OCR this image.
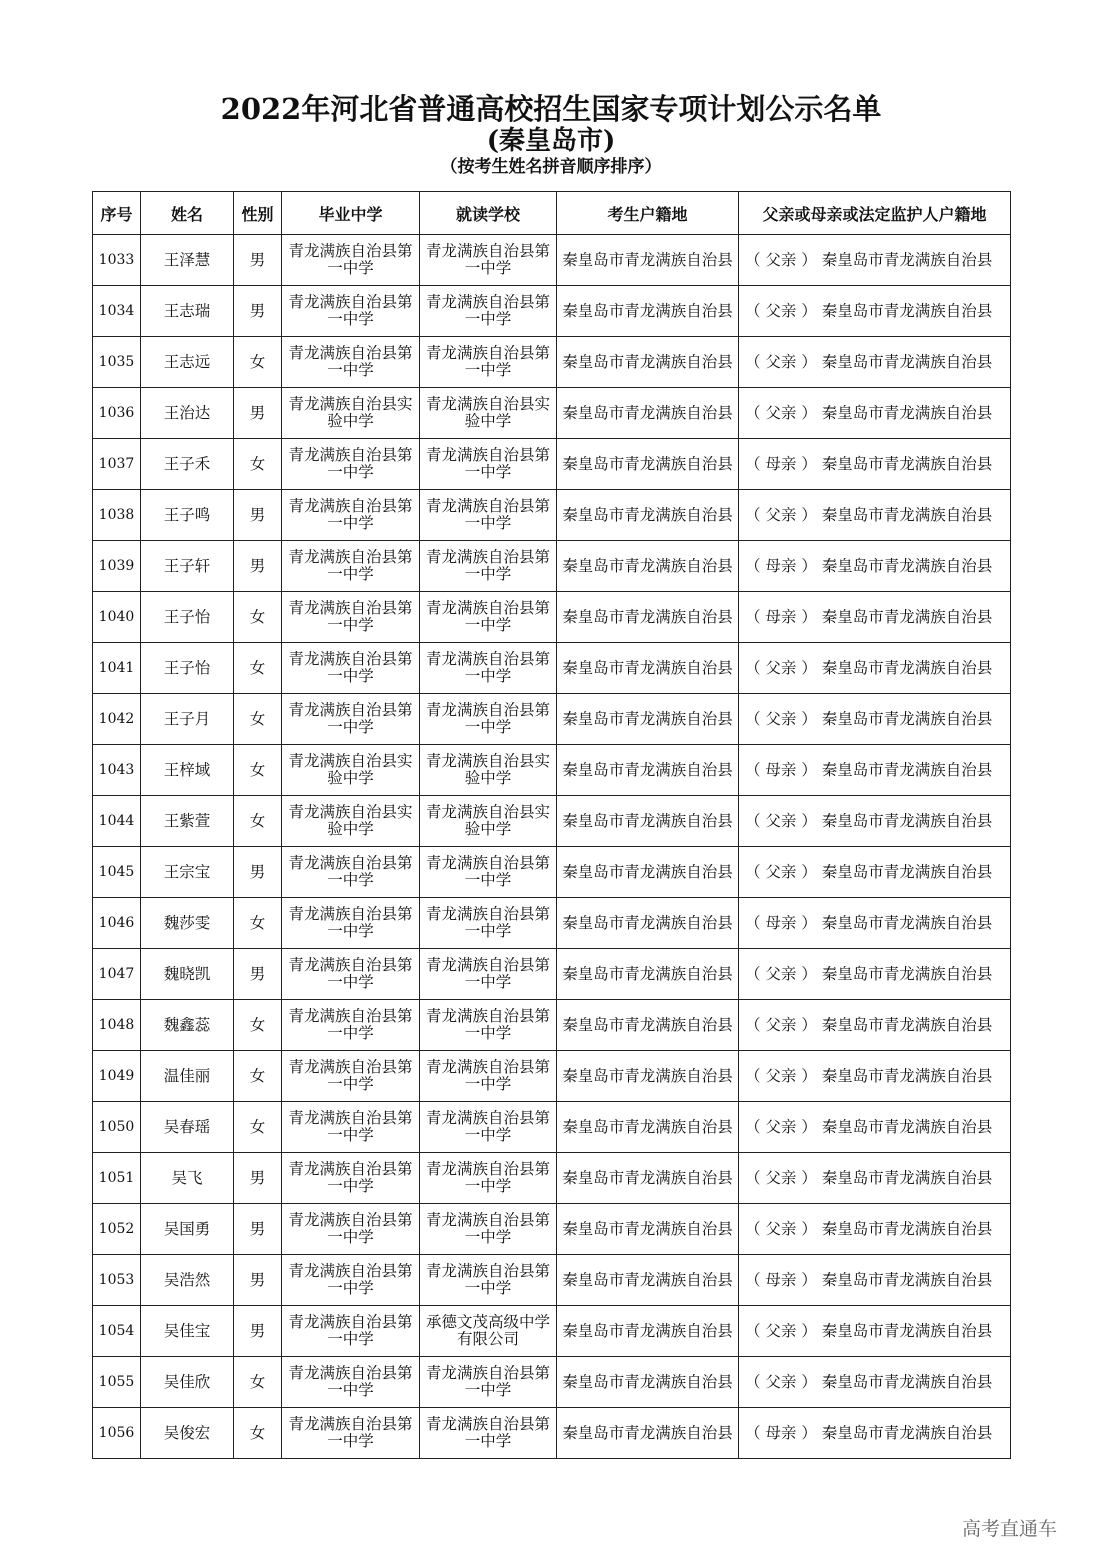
2022年河北省普通高校招生国家专项计划公示名单
(秦皇岛市)
（按考生姓名拼音顺序排序）
序号	姓名	性别	毕业中学	就读学校	考生户籍地	父亲或母亲或法定监护人户籍地
1033	王泽慧	男	青龙满族自治县第一中学	青龙满族自治县第一中学	秦皇岛市青龙满族自治县	（ 父亲 ） 秦皇岛市青龙满族自治县
1034	王志瑞	男	青龙满族自治县第一中学	青龙满族自治县第一中学	秦皇岛市青龙满族自治县	（ 父亲 ） 秦皇岛市青龙满族自治县
1035	王志远	女	青龙满族自治县第一中学	青龙满族自治县第一中学	秦皇岛市青龙满族自治县	（ 父亲 ） 秦皇岛市青龙满族自治县
1036	王治达	男	青龙满族自治县实验中学	青龙满族自治县实验中学	秦皇岛市青龙满族自治县	（ 父亲 ） 秦皇岛市青龙满族自治县
1037	王子禾	女	青龙满族自治县第一中学	青龙满族自治县第一中学	秦皇岛市青龙满族自治县	（ 母亲 ） 秦皇岛市青龙满族自治县
1038	王子鸣	男	青龙满族自治县第一中学	青龙满族自治县第一中学	秦皇岛市青龙满族自治县	（ 父亲 ） 秦皇岛市青龙满族自治县
1039	王子轩	男	青龙满族自治县第一中学	青龙满族自治县第一中学	秦皇岛市青龙满族自治县	（ 母亲 ） 秦皇岛市青龙满族自治县
1040	王子怡	女	青龙满族自治县第一中学	青龙满族自治县第一中学	秦皇岛市青龙满族自治县	（ 母亲 ） 秦皇岛市青龙满族自治县
1041	王子怡	女	青龙满族自治县第一中学	青龙满族自治县第一中学	秦皇岛市青龙满族自治县	（ 父亲 ） 秦皇岛市青龙满族自治县
1042	王子月	女	青龙满族自治县第一中学	青龙满族自治县第一中学	秦皇岛市青龙满族自治县	（ 父亲 ） 秦皇岛市青龙满族自治县
1043	王梓域	女	青龙满族自治县实验中学	青龙满族自治县实验中学	秦皇岛市青龙满族自治县	（ 母亲 ） 秦皇岛市青龙满族自治县
1044	王紫萱	女	青龙满族自治县实验中学	青龙满族自治县实验中学	秦皇岛市青龙满族自治县	（ 父亲 ） 秦皇岛市青龙满族自治县
1045	王宗宝	男	青龙满族自治县第一中学	青龙满族自治县第一中学	秦皇岛市青龙满族自治县	（ 父亲 ） 秦皇岛市青龙满族自治县
1046	魏莎雯	女	青龙满族自治县第一中学	青龙满族自治县第一中学	秦皇岛市青龙满族自治县	（ 母亲 ） 秦皇岛市青龙满族自治县
1047	魏晓凯	男	青龙满族自治县第一中学	青龙满族自治县第一中学	秦皇岛市青龙满族自治县	（ 父亲 ） 秦皇岛市青龙满族自治县
1048	魏鑫蕊	女	青龙满族自治县第一中学	青龙满族自治县第一中学	秦皇岛市青龙满族自治县	（ 父亲 ） 秦皇岛市青龙满族自治县
1049	温佳丽	女	青龙满族自治县第一中学	青龙满族自治县第一中学	秦皇岛市青龙满族自治县	（ 父亲 ） 秦皇岛市青龙满族自治县
1050	吴春瑶	女	青龙满族自治县第一中学	青龙满族自治县第一中学	秦皇岛市青龙满族自治县	（ 父亲 ） 秦皇岛市青龙满族自治县
1051	吴飞	男	青龙满族自治县第一中学	青龙满族自治县第一中学	秦皇岛市青龙满族自治县	（ 父亲 ） 秦皇岛市青龙满族自治县
1052	吴国勇	男	青龙满族自治县第一中学	青龙满族自治县第一中学	秦皇岛市青龙满族自治县	（ 父亲 ） 秦皇岛市青龙满族自治县
1053	吴浩然	男	青龙满族自治县第一中学	青龙满族自治县第一中学	秦皇岛市青龙满族自治县	（ 母亲 ） 秦皇岛市青龙满族自治县
1054	吴佳宝	男	青龙满族自治县第一中学	承德文茂高级中学有限公司	秦皇岛市青龙满族自治县	（ 父亲 ） 秦皇岛市青龙满族自治县
1055	吴佳欣	女	青龙满族自治县第一中学	青龙满族自治县第一中学	秦皇岛市青龙满族自治县	（ 父亲 ） 秦皇岛市青龙满族自治县
1056	吴俊宏	女	青龙满族自治县第一中学	青龙满族自治县第一中学	秦皇岛市青龙满族自治县	（ 母亲 ） 秦皇岛市青龙满族自治县
高考直通车
